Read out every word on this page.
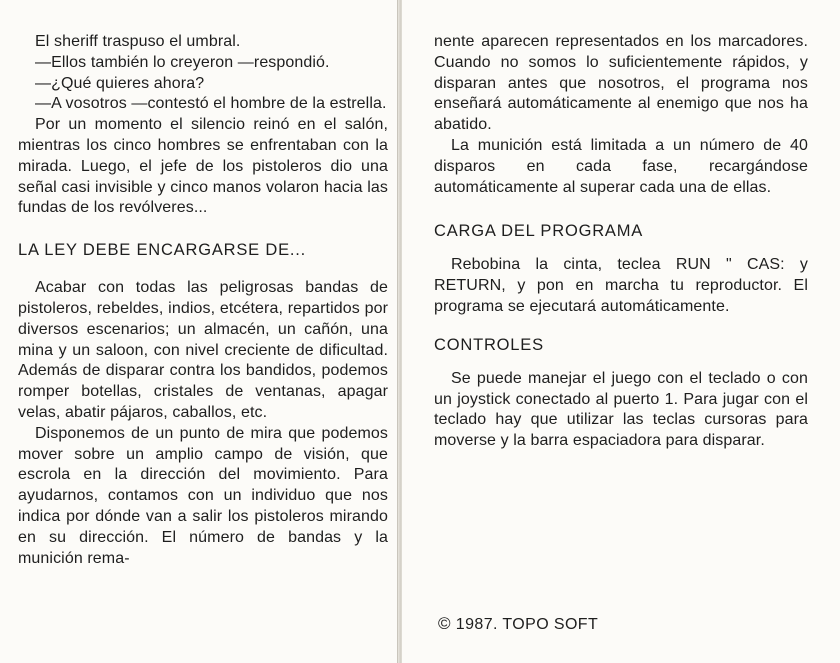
El sheriff traspuso el umbral.

—Ellos también lo creyeron —respondió.

—¿Qué quieres ahora?

—A vosotros —contestó el hombre de la estrella.

Por un momento el silencio reinó en el salón, mientras los cinco hombres se enfrentaban con la mirada. Luego, el jefe de los pistoleros dio una señal casi invisible y cinco manos volaron hacia las fundas de los revólveres...

LA LEY DEBE ENCARGARSE DE...

Acabar con todas las peligrosas bandas de pistoleros, rebeldes, indios, etcétera, repartidos por diversos escenarios; un almacén, un cañón, una mina y un saloon, con nivel creciente de dificultad. Además de disparar contra los bandidos, podemos romper botellas, cristales de ventanas, apagar velas, abatir pájaros, caballos, etc.

Disponemos de un punto de mira que podemos mover sobre un amplio campo de visión, que escrola en la dirección del movimiento. Para ayudarnos, contamos con un individuo que nos indica por dónde van a salir los pistoleros mirando en su dirección. El número de bandas y la munición rema-

nente aparecen representados en los marcadores. Cuando no somos lo suficientemente rápidos, y disparan antes que nosotros, el programa nos enseñará automáticamente al enemigo que nos ha abatido.

La munición está limitada a un número de 40 disparos en cada fase, recargándose automáticamente al superar cada una de ellas.

CARGA DEL PROGRAMA

Rebobina la cinta, teclea RUN " CAS: y RETURN, y pon en marcha tu reproductor. El programa se ejecutará automáticamente.

CONTROLES

Se puede manejar el juego con el teclado o con un joystick conectado al puerto 1. Para jugar con el teclado hay que utilizar las teclas cursoras para moverse y la barra espaciadora para disparar.

© 1987. TOPO SOFT
